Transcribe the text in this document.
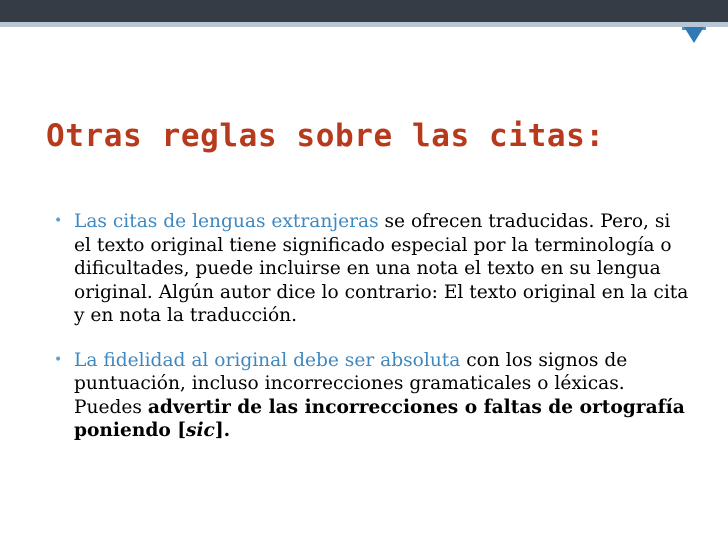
Otras reglas sobre las citas:
• Las citas de lenguas extranjeras se ofrecen traducidas. Pero, si el texto original tiene significado especial por la terminología o dificultades, puede incluirse en una nota el texto en su lengua original. Algún autor dice lo contrario: El texto original en la cita y en nota la traducción.
• La fidelidad al original debe ser absoluta con los signos de puntuación, incluso incorrecciones gramaticales o léxicas. Puedes advertir de las incorrecciones o faltas de ortografía poniendo [sic].
